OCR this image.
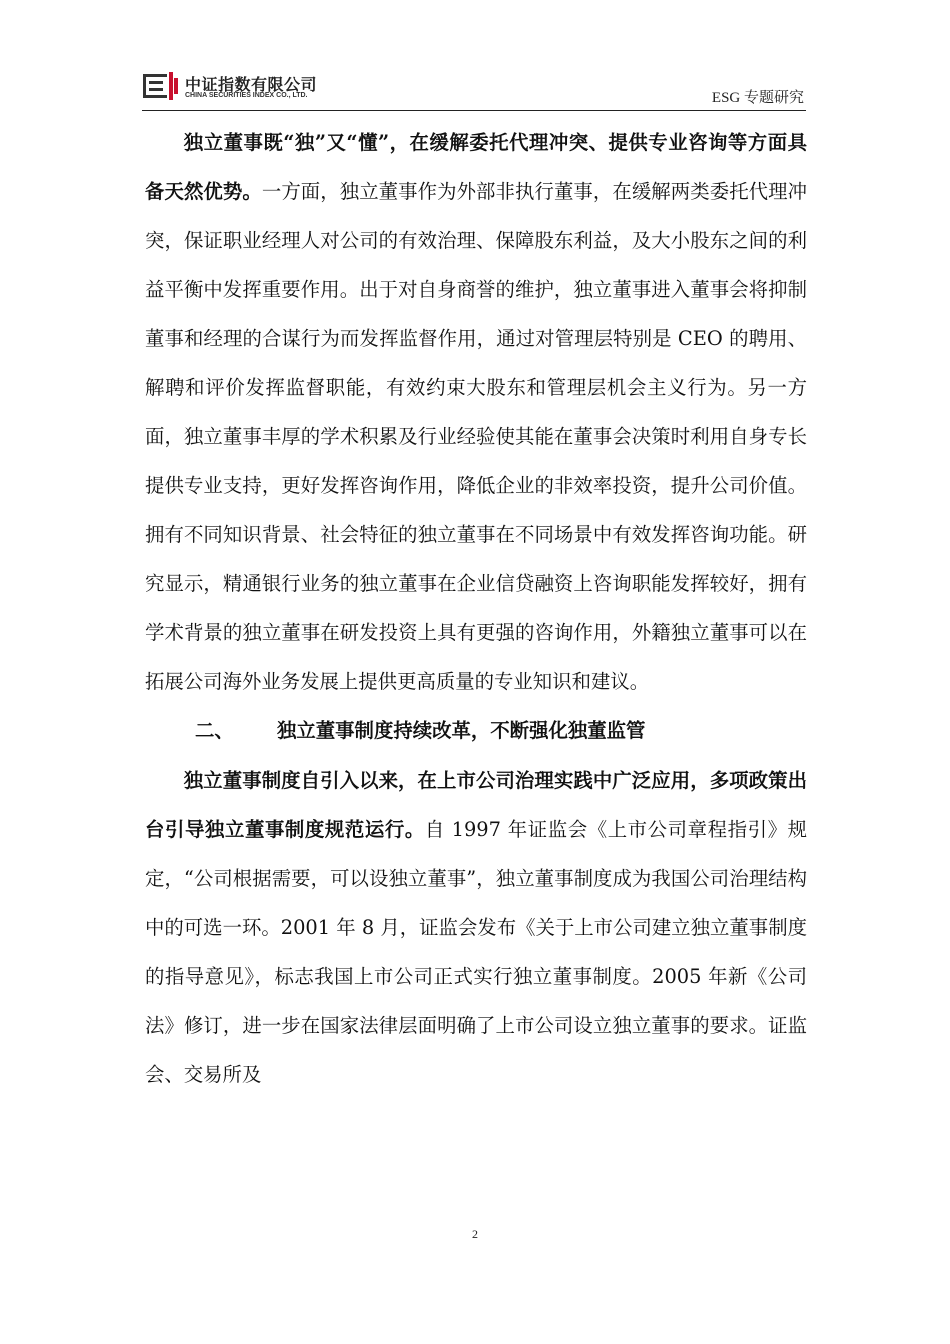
中证指数有限公司
CHINA SECURITIES INDEX CO., LTD.	ESG 专题研究

独立董事既“独”又“懂”，在缓解委托代理冲突、提供专业咨询等方面具备天然优势。一方面，独立董事作为外部非执行董事，在缓解两类委托代理冲突，保证职业经理人对公司的有效治理、保障股东利益，及大小股东之间的利益平衡中发挥重要作用。出于对自身商誉的维护，独立董事进入董事会将抑制董事和经理的合谋行为而发挥监督作用，通过对管理层特别是 CEO 的聘用、解聘和评价发挥监督职能，有效约束大股东和管理层机会主义行为。另一方面，独立董事丰厚的学术积累及行业经验使其能在董事会决策时利用自身专长提供专业支持，更好发挥咨询作用，降低企业的非效率投资，提升公司价值。拥有不同知识背景、社会特征的独立董事在不同场景中有效发挥咨询功能。研究显示，精通银行业务的独立董事在企业信贷融资上咨询职能发挥较好，拥有学术背景的独立董事在研发投资上具有更强的咨询作用，外籍独立董事可以在拓展公司海外业务发展上提供更高质量的专业知识和建议。

二、 独立董事制度持续改革，不断强化独董监管

独立董事制度自引入以来，在上市公司治理实践中广泛应用，多项政策出台引导独立董事制度规范运行。自 1997 年证监会《上市公司章程指引》规定，“公司根据需要，可以设独立董事”，独立董事制度成为我国公司治理结构中的可选一环。2001 年 8 月，证监会发布《关于上市公司建立独立董事制度的指导意见》，标志我国上市公司正式实行独立董事制度。2005 年新《公司法》修订，进一步在国家法律层面明确了上市公司设立独立董事的要求。证监会、交易所及

2
